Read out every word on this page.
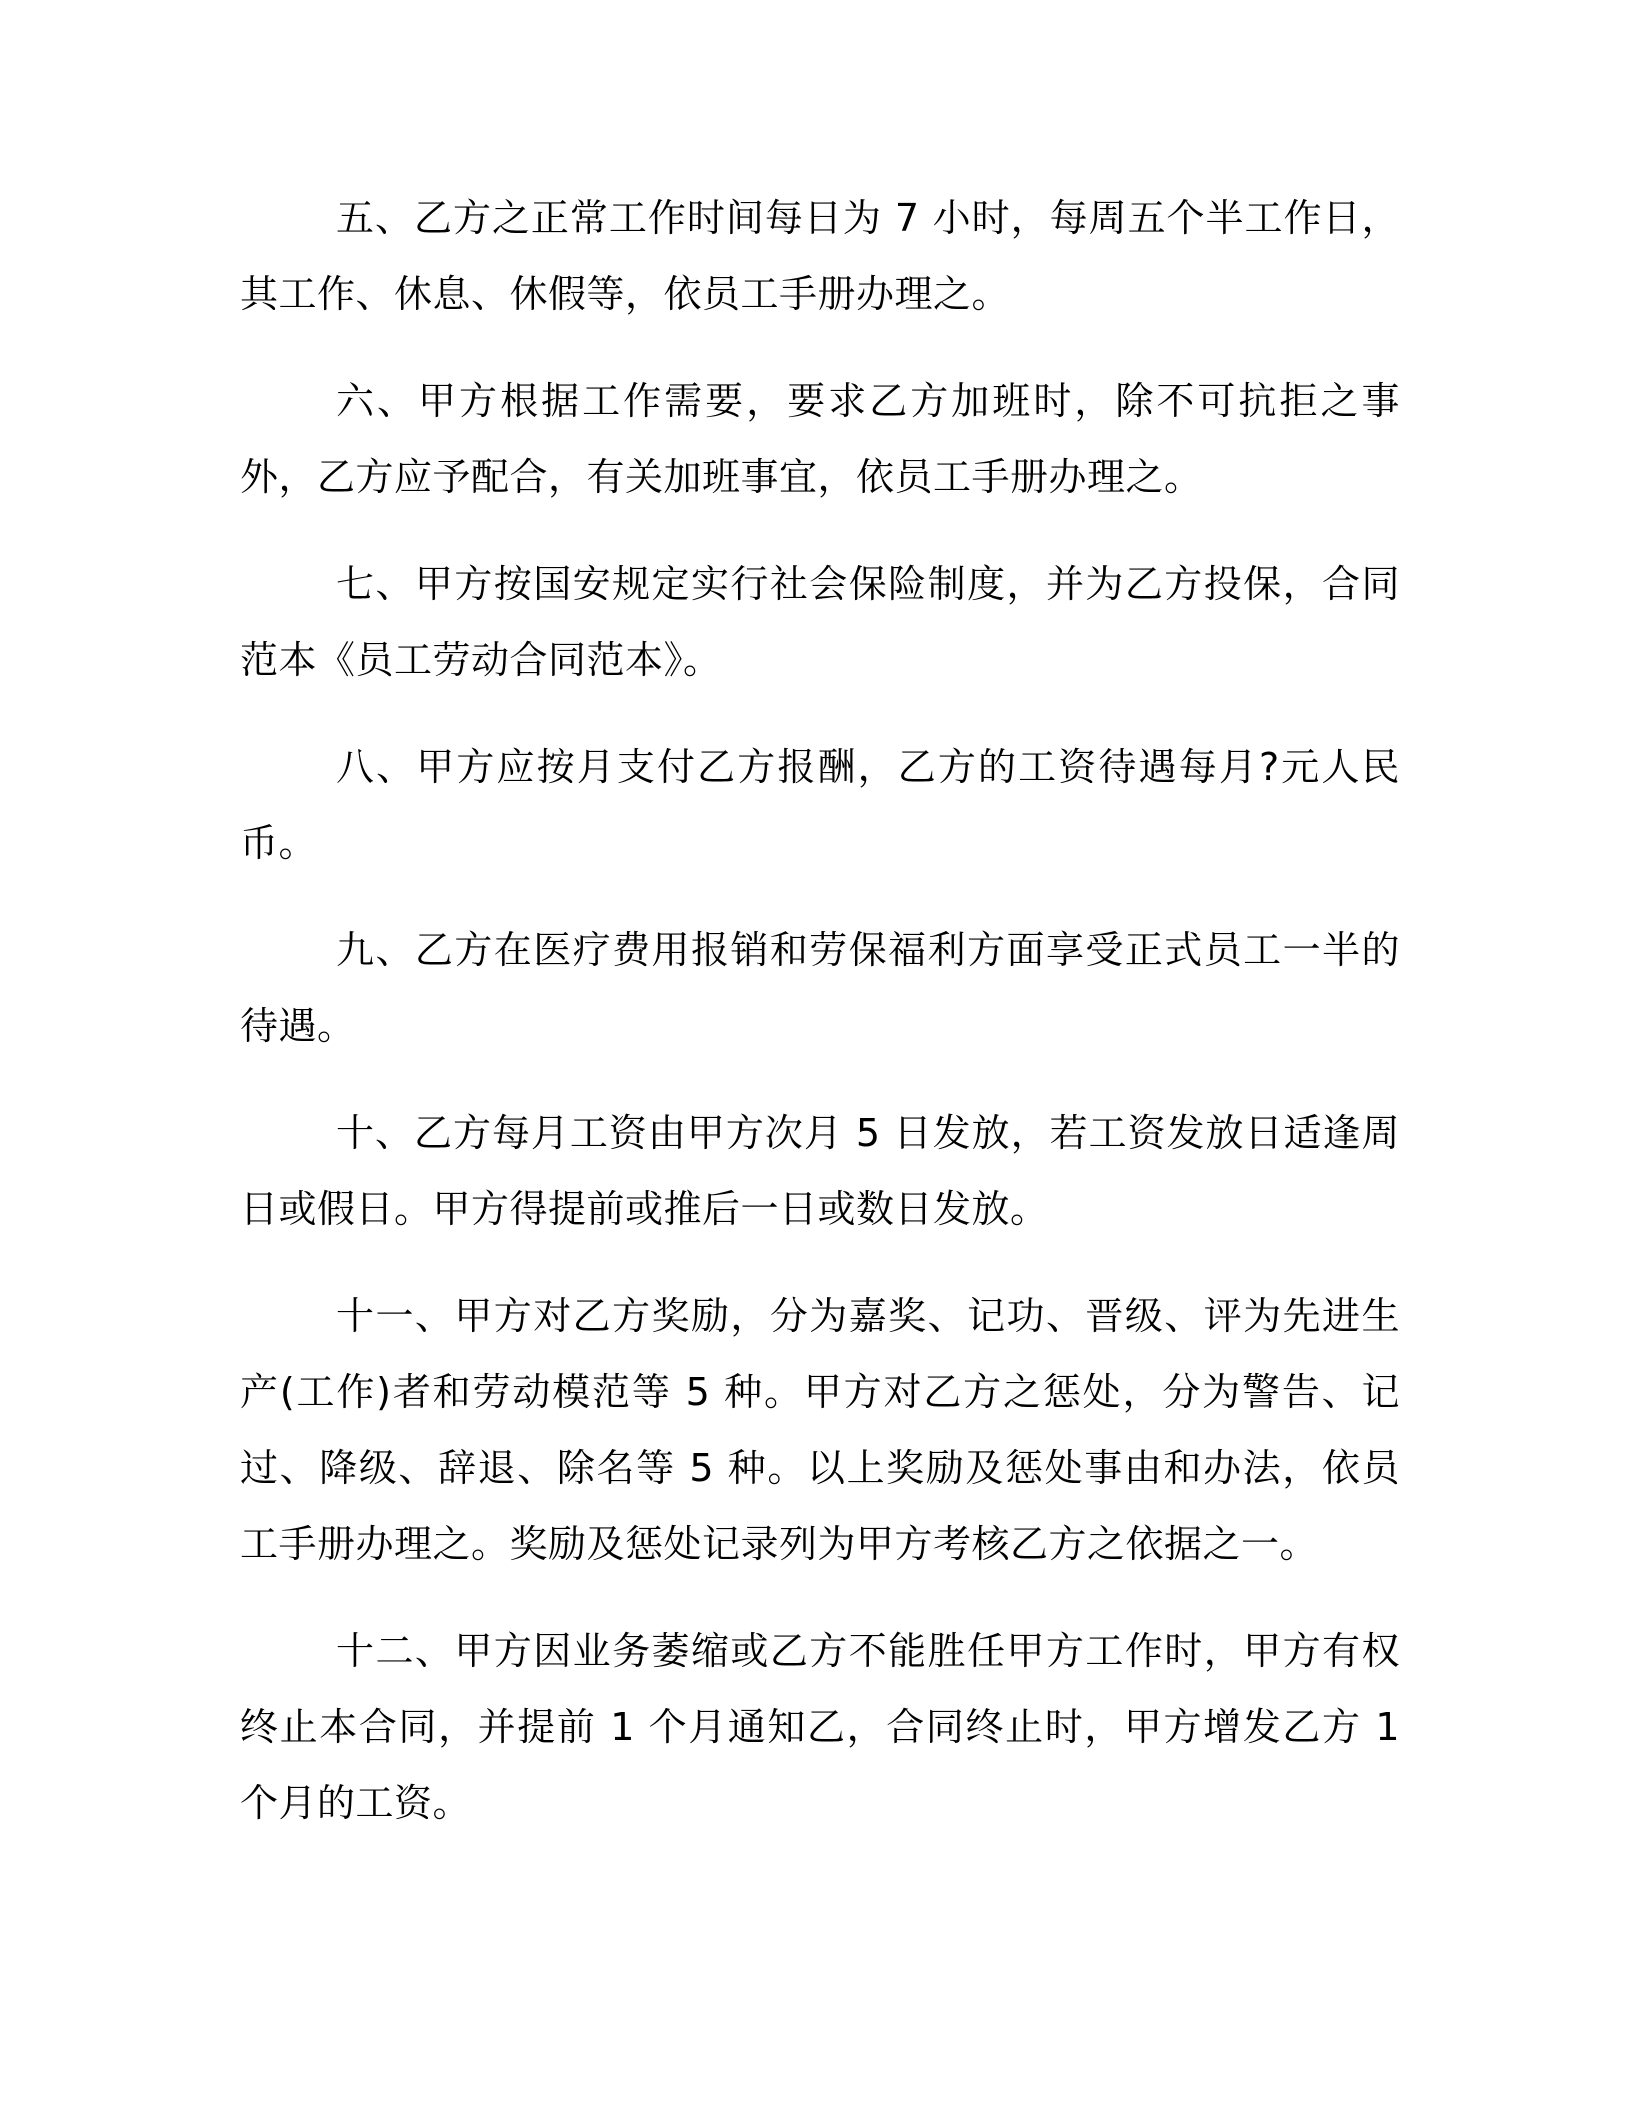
五、乙方之正常工作时间每日为 7 小时，每周五个半工作日，其工作、休息、休假等，依员工手册办理之。

六、甲方根据工作需要，要求乙方加班时，除不可抗拒之事外，乙方应予配合，有关加班事宜，依员工手册办理之。

七、甲方按国安规定实行社会保险制度，并为乙方投保，合同范本《员工劳动合同范本》。

八、甲方应按月支付乙方报酬，乙方的工资待遇每月?元人民币。

九、乙方在医疗费用报销和劳保福利方面享受正式员工一半的待遇。

十、乙方每月工资由甲方次月 5 日发放，若工资发放日适逢周日或假日。甲方得提前或推后一日或数日发放。

十一、甲方对乙方奖励，分为嘉奖、记功、晋级、评为先进生产(工作)者和劳动模范等 5 种。甲方对乙方之惩处，分为警告、记过、降级、辞退、除名等 5 种。以上奖励及惩处事由和办法，依员工手册办理之。奖励及惩处记录列为甲方考核乙方之依据之一。

十二、甲方因业务萎缩或乙方不能胜任甲方工作时，甲方有权终止本合同，并提前 1 个月通知乙，合同终止时，甲方增发乙方 1 个月的工资。
